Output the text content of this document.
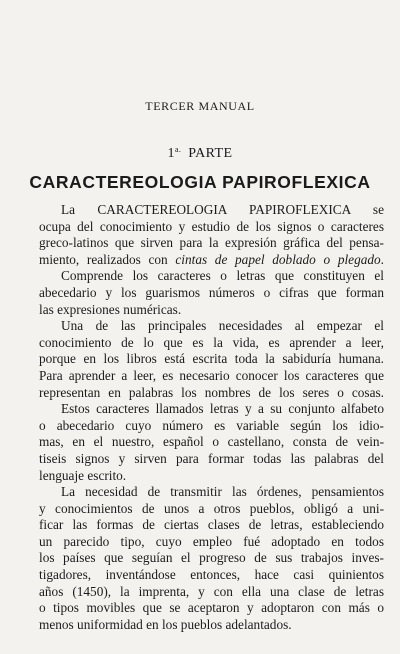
TERCER MANUAL
$1^{a.}$ PARTE
CARACTEREOLOGIA PAPIROFLEXICA

La CARACTEREOLOGIA PAPIROFLEXICA se
ocupa del conocimiento y estudio de los signos o caracteres
greco-latinos que sirven para la expresión gráfica del pensa-
miento, realizados con cintas de papel doblado o plegado.

Comprende los caracteres o letras que constituyen el
abecedario y los guarismos números o cifras que forman
las expresiones numéricas.

Una de las principales necesidades al empezar el
conocimiento de lo que es la vida, es aprender a leer,
porque en los libros está escrita toda la sabiduría humana.
Para aprender a leer, es necesario conocer los caracteres que
representan en palabras los nombres de los seres o cosas.

Estos caracteres llamados letras y a su conjunto alfabeto
o abecedario cuyo número es variable según los idio-
mas, en el nuestro, español o castellano, consta de vein-
tiseis signos y sirven para formar todas las palabras del
lenguaje escrito.

La necesidad de transmitir las órdenes, pensamientos
y conocimientos de unos a otros pueblos, obligó a uni-
ficar las formas de ciertas clases de letras, estableciendo
un parecido tipo, cuyo empleo fué adoptado en todos
los países que seguían el progreso de sus trabajos inves-
tigadores, inventándose entonces, hace casi quinientos
años (1450), la imprenta, y con ella una clase de letras
o tipos movibles que se aceptaron y adoptaron con más o
menos uniformidad en los pueblos adelantados.
